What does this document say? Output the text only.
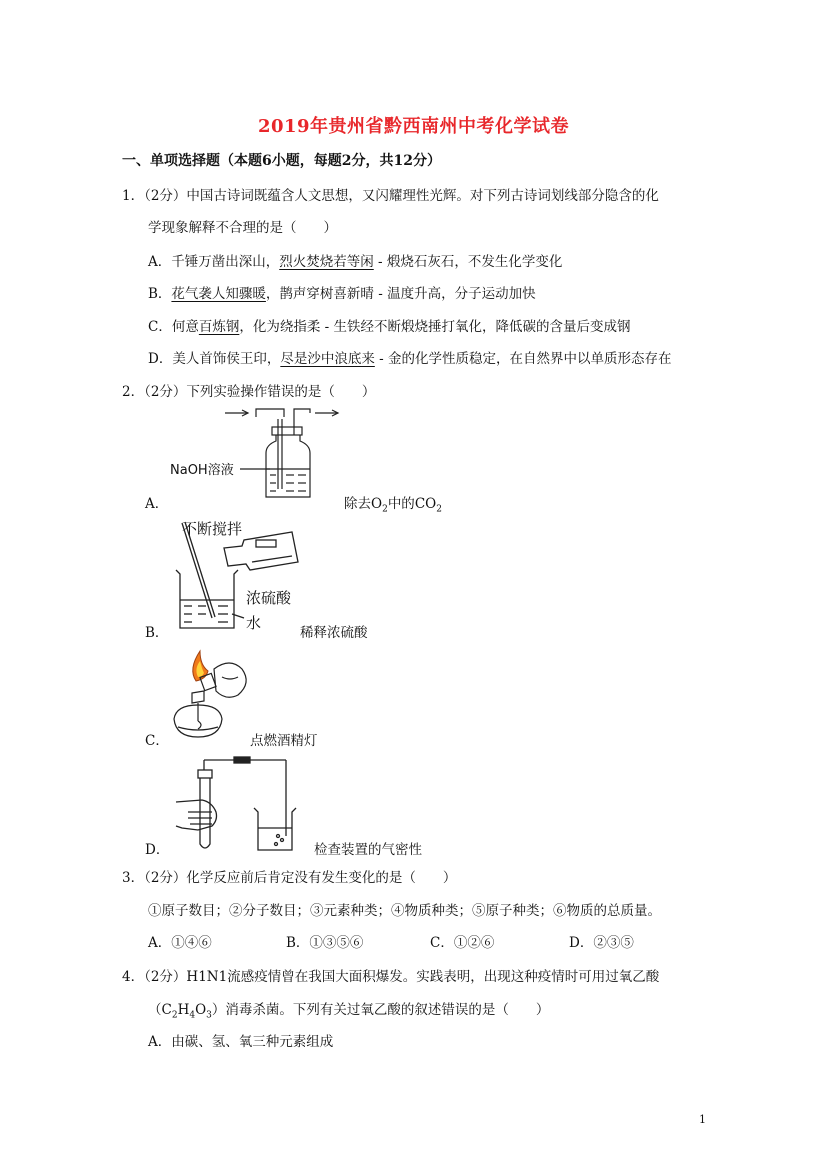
2019年贵州省黔西南州中考化学试卷
一、单项选择题（本题6小题，每题2分，共12分）
1．（2分）中国古诗词既蕴含人文思想，又闪耀理性光辉。对下列古诗词划线部分隐含的化
学现象解释不合理的是（　　）
A．千锤万凿出深山，烈火焚烧若等闲 - 煅烧石灰石，不发生化学变化
B．花气袭人知骤暖，鹊声穿树喜新晴 - 温度升高，分子运动加快
C．何意百炼钢，化为绕指柔 - 生铁经不断煅烧捶打氧化，降低碳的含量后变成钢
D．美人首饰侯王印，尽是沙中浪底来 - 金的化学性质稳定，在自然界中以单质形态存在
2．（2分）下列实验操作错误的是（　　）
NaOH溶液
A．	除去$O_2$中的$CO_2$
不断搅拌
浓硫酸
水
B．	稀释浓硫酸
C．	点燃酒精灯
D．	检查装置的气密性
3．（2分）化学反应前后肯定没有发生变化的是（　　）
①原子数目；②分子数目；③元素种类；④物质种类；⑤原子种类；⑥物质的总质量。
A．①④⑥	B．①③⑤⑥	C．①②⑥	D．②③⑤
4．（2分）H1N1流感疫情曾在我国大面积爆发。实践表明，出现这种疫情时可用过氧乙酸
$(C_2H_4O_3)$消毒杀菌。下列有关过氧乙酸的叙述错误的是（　　）
A．由碳、氢、氧三种元素组成
1
